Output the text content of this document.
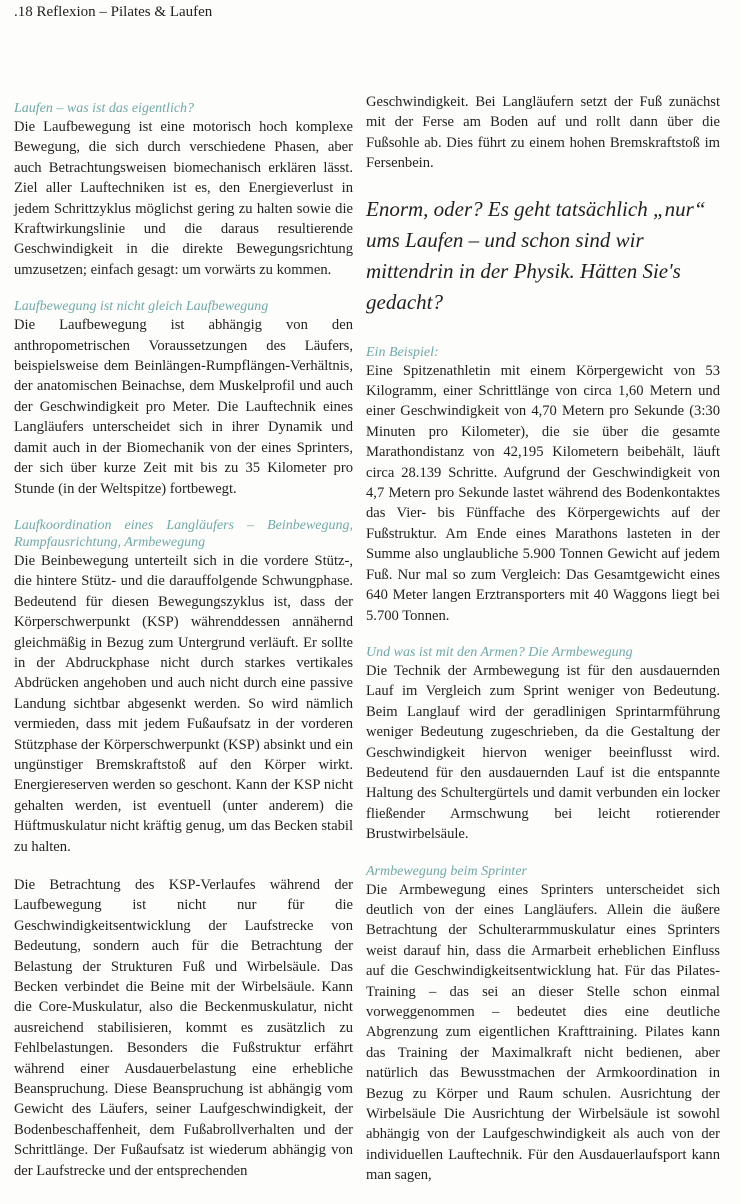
.18 Reflexion – Pilates & Laufen

Laufen – was ist das eigentlich?

Die Laufbewegung ist eine motorisch hoch komplexe Bewegung, die sich durch verschiedene Phasen, aber auch Betrachtungsweisen biomechanisch erklären lässt. Ziel aller Lauftechniken ist es, den Energieverlust in jedem Schrittzyklus möglichst gering zu halten sowie die Kraftwirkungslinie und die daraus resultierende Geschwindigkeit in die direkte Bewegungsrichtung umzusetzen; einfach gesagt: um vorwärts zu kommen.

Laufbewegung ist nicht gleich Laufbewegung

Die Laufbewegung ist abhängig von den anthropometrischen Voraussetzungen des Läufers, beispielsweise dem Beinlängen-Rumpflängen-Verhältnis, der anatomischen Beinachse, dem Muskelprofil und auch der Geschwindigkeit pro Meter. Die Lauftechnik eines Langläufers unterscheidet sich in ihrer Dynamik und damit auch in der Biomechanik von der eines Sprinters, der sich über kurze Zeit mit bis zu 35 Kilometer pro Stunde (in der Weltspitze) fortbewegt.

Laufkoordination eines Langläufers – Beinbewegung, Rumpfausrichtung, Armbewegung

Die Beinbewegung unterteilt sich in die vordere Stütz-, die hintere Stütz- und die darauffolgende Schwungphase. Bedeutend für diesen Bewegungszyklus ist, dass der Körperschwerpunkt (KSP) währenddessen annähernd gleichmäßig in Bezug zum Untergrund verläuft. Er sollte in der Abdruckphase nicht durch starkes vertikales Abdrücken angehoben und auch nicht durch eine passive Landung sichtbar abgesenkt werden. So wird nämlich vermieden, dass mit jedem Fußaufsatz in der vorderen Stützphase der Körperschwerpunkt (KSP) absinkt und ein ungünstiger Bremskraftstoß auf den Körper wirkt. Energiereserven werden so geschont. Kann der KSP nicht gehalten werden, ist eventuell (unter anderem) die Hüftmuskulatur nicht kräftig genug, um das Becken stabil zu halten.

Die Betrachtung des KSP-Verlaufes während der Laufbewegung ist nicht nur für die Geschwindigkeitsentwicklung der Laufstrecke von Bedeutung, sondern auch für die Betrachtung der Belastung der Strukturen Fuß und Wirbelsäule. Das Becken verbindet die Beine mit der Wirbelsäule. Kann die Core-Muskulatur, also die Beckenmuskulatur, nicht ausreichend stabilisieren, kommt es zusätzlich zu Fehlbelastungen. Besonders die Fußstruktur erfährt während einer Ausdauerbelastung eine erhebliche Beanspruchung. Diese Beanspruchung ist abhängig vom Gewicht des Läufers, seiner Laufgeschwindigkeit, der Bodenbeschaffenheit, dem Fußabrollverhalten und der Schrittlänge. Der Fußaufsatz ist wiederum abhängig von der Laufstrecke und der entsprechenden

Geschwindigkeit. Bei Langläufern setzt der Fuß zunächst mit der Ferse am Boden auf und rollt dann über die Fußsohle ab. Dies führt zu einem hohen Bremskraftstoß im Fersenbein.

Enorm, oder? Es geht tatsächlich „nur“ ums Laufen – und schon sind wir mittendrin in der Physik. Hätten Sie's gedacht?

Ein Beispiel:

Eine Spitzenathletin mit einem Körpergewicht von 53 Kilogramm, einer Schrittlänge von circa 1,60 Metern und einer Geschwindigkeit von 4,70 Metern pro Sekunde (3:30 Minuten pro Kilometer), die sie über die gesamte Marathondistanz von 42,195 Kilometern beibehält, läuft circa 28.139 Schritte. Aufgrund der Geschwindigkeit von 4,7 Metern pro Sekunde lastet während des Bodenkontaktes das Vier- bis Fünffache des Körpergewichts auf der Fußstruktur. Am Ende eines Marathons lasteten in der Summe also unglaubliche 5.900 Tonnen Gewicht auf jedem Fuß. Nur mal so zum Vergleich: Das Gesamtgewicht eines 640 Meter langen Erztransporters mit 40 Waggons liegt bei 5.700 Tonnen.

Und was ist mit den Armen? Die Armbewegung

Die Technik der Armbewegung ist für den ausdauernden Lauf im Vergleich zum Sprint weniger von Bedeutung. Beim Langlauf wird der geradlinigen Sprintarmführung weniger Bedeutung zugeschrieben, da die Gestaltung der Geschwindigkeit hiervon weniger beeinflusst wird. Bedeutend für den ausdauernden Lauf ist die entspannte Haltung des Schultergürtels und damit verbunden ein locker fließender Armschwung bei leicht rotierender Brustwirbelsäule.

Armbewegung beim Sprinter

Die Armbewegung eines Sprinters unterscheidet sich deutlich von der eines Langläufers. Allein die äußere Betrachtung der Schulterarmmuskulatur eines Sprinters weist darauf hin, dass die Armarbeit erheblichen Einfluss auf die Geschwindigkeitsentwicklung hat. Für das Pilates-Training – das sei an dieser Stelle schon einmal vorweggenommen – bedeutet dies eine deutliche Abgrenzung zum eigentlichen Krafttraining. Pilates kann das Training der Maximalkraft nicht bedienen, aber natürlich das Bewusstmachen der Armkoordination in Bezug zu Körper und Raum schulen. Ausrichtung der Wirbelsäule Die Ausrichtung der Wirbelsäule ist sowohl abhängig von der Laufgeschwindigkeit als auch von der individuellen Lauftechnik. Für den Ausdauerlaufsport kann man sagen,
